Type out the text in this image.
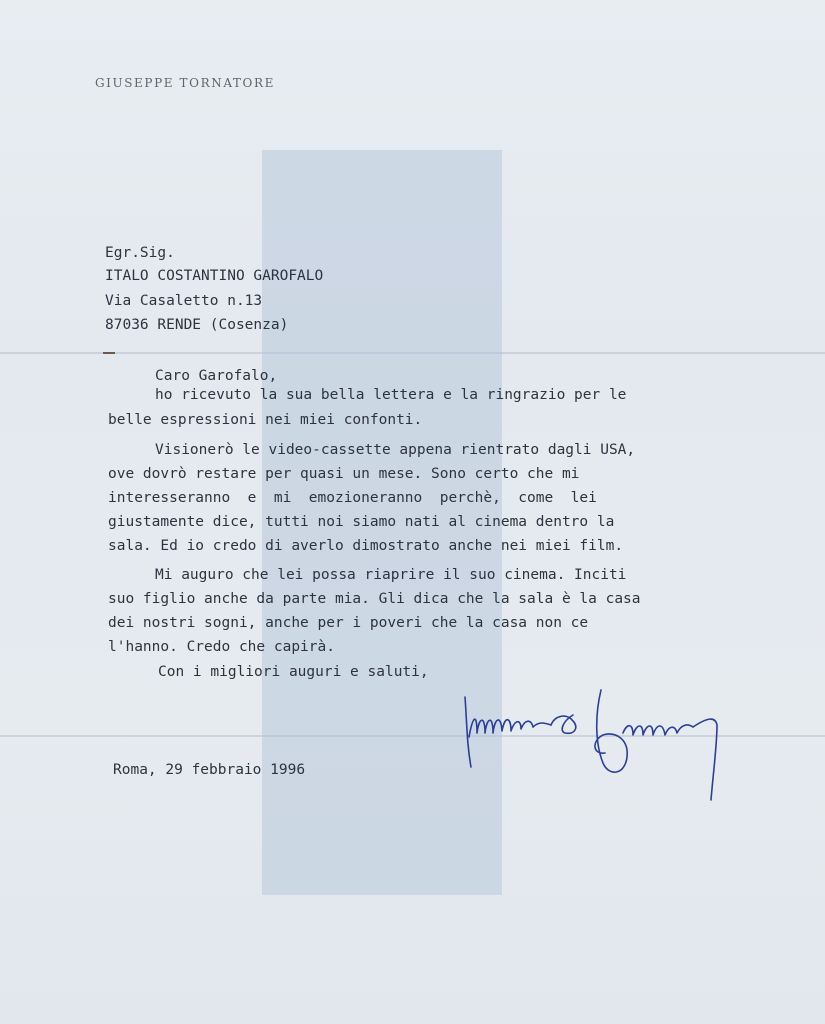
GIUSEPPE TORNATORE
Egr.Sig.
ITALO COSTANTINO GAROFALO
Via Casaletto n.13
87036 RENDE (Cosenza)
Caro Garofalo,
ho ricevuto la sua bella lettera e la ringrazio per le
belle espressioni nei miei confonti.
Visionerò le video-cassette appena rientrato dagli USA,
ove dovrò restare per quasi un mese. Sono certo che mi
interesseranno  e  mi  emozioneranno  perchè,  come  lei
giustamente dice, tutti noi siamo nati al cinema dentro la
sala. Ed io credo di averlo dimostrato anche nei miei film.
Mi auguro che lei possa riaprire il suo cinema. Inciti
suo figlio anche da parte mia. Gli dica che la sala è la casa
dei nostri sogni, anche per i poveri che la casa non ce
l'hanno. Credo che capirà.
Con i migliori auguri e saluti,
Roma, 29 febbraio 1996
